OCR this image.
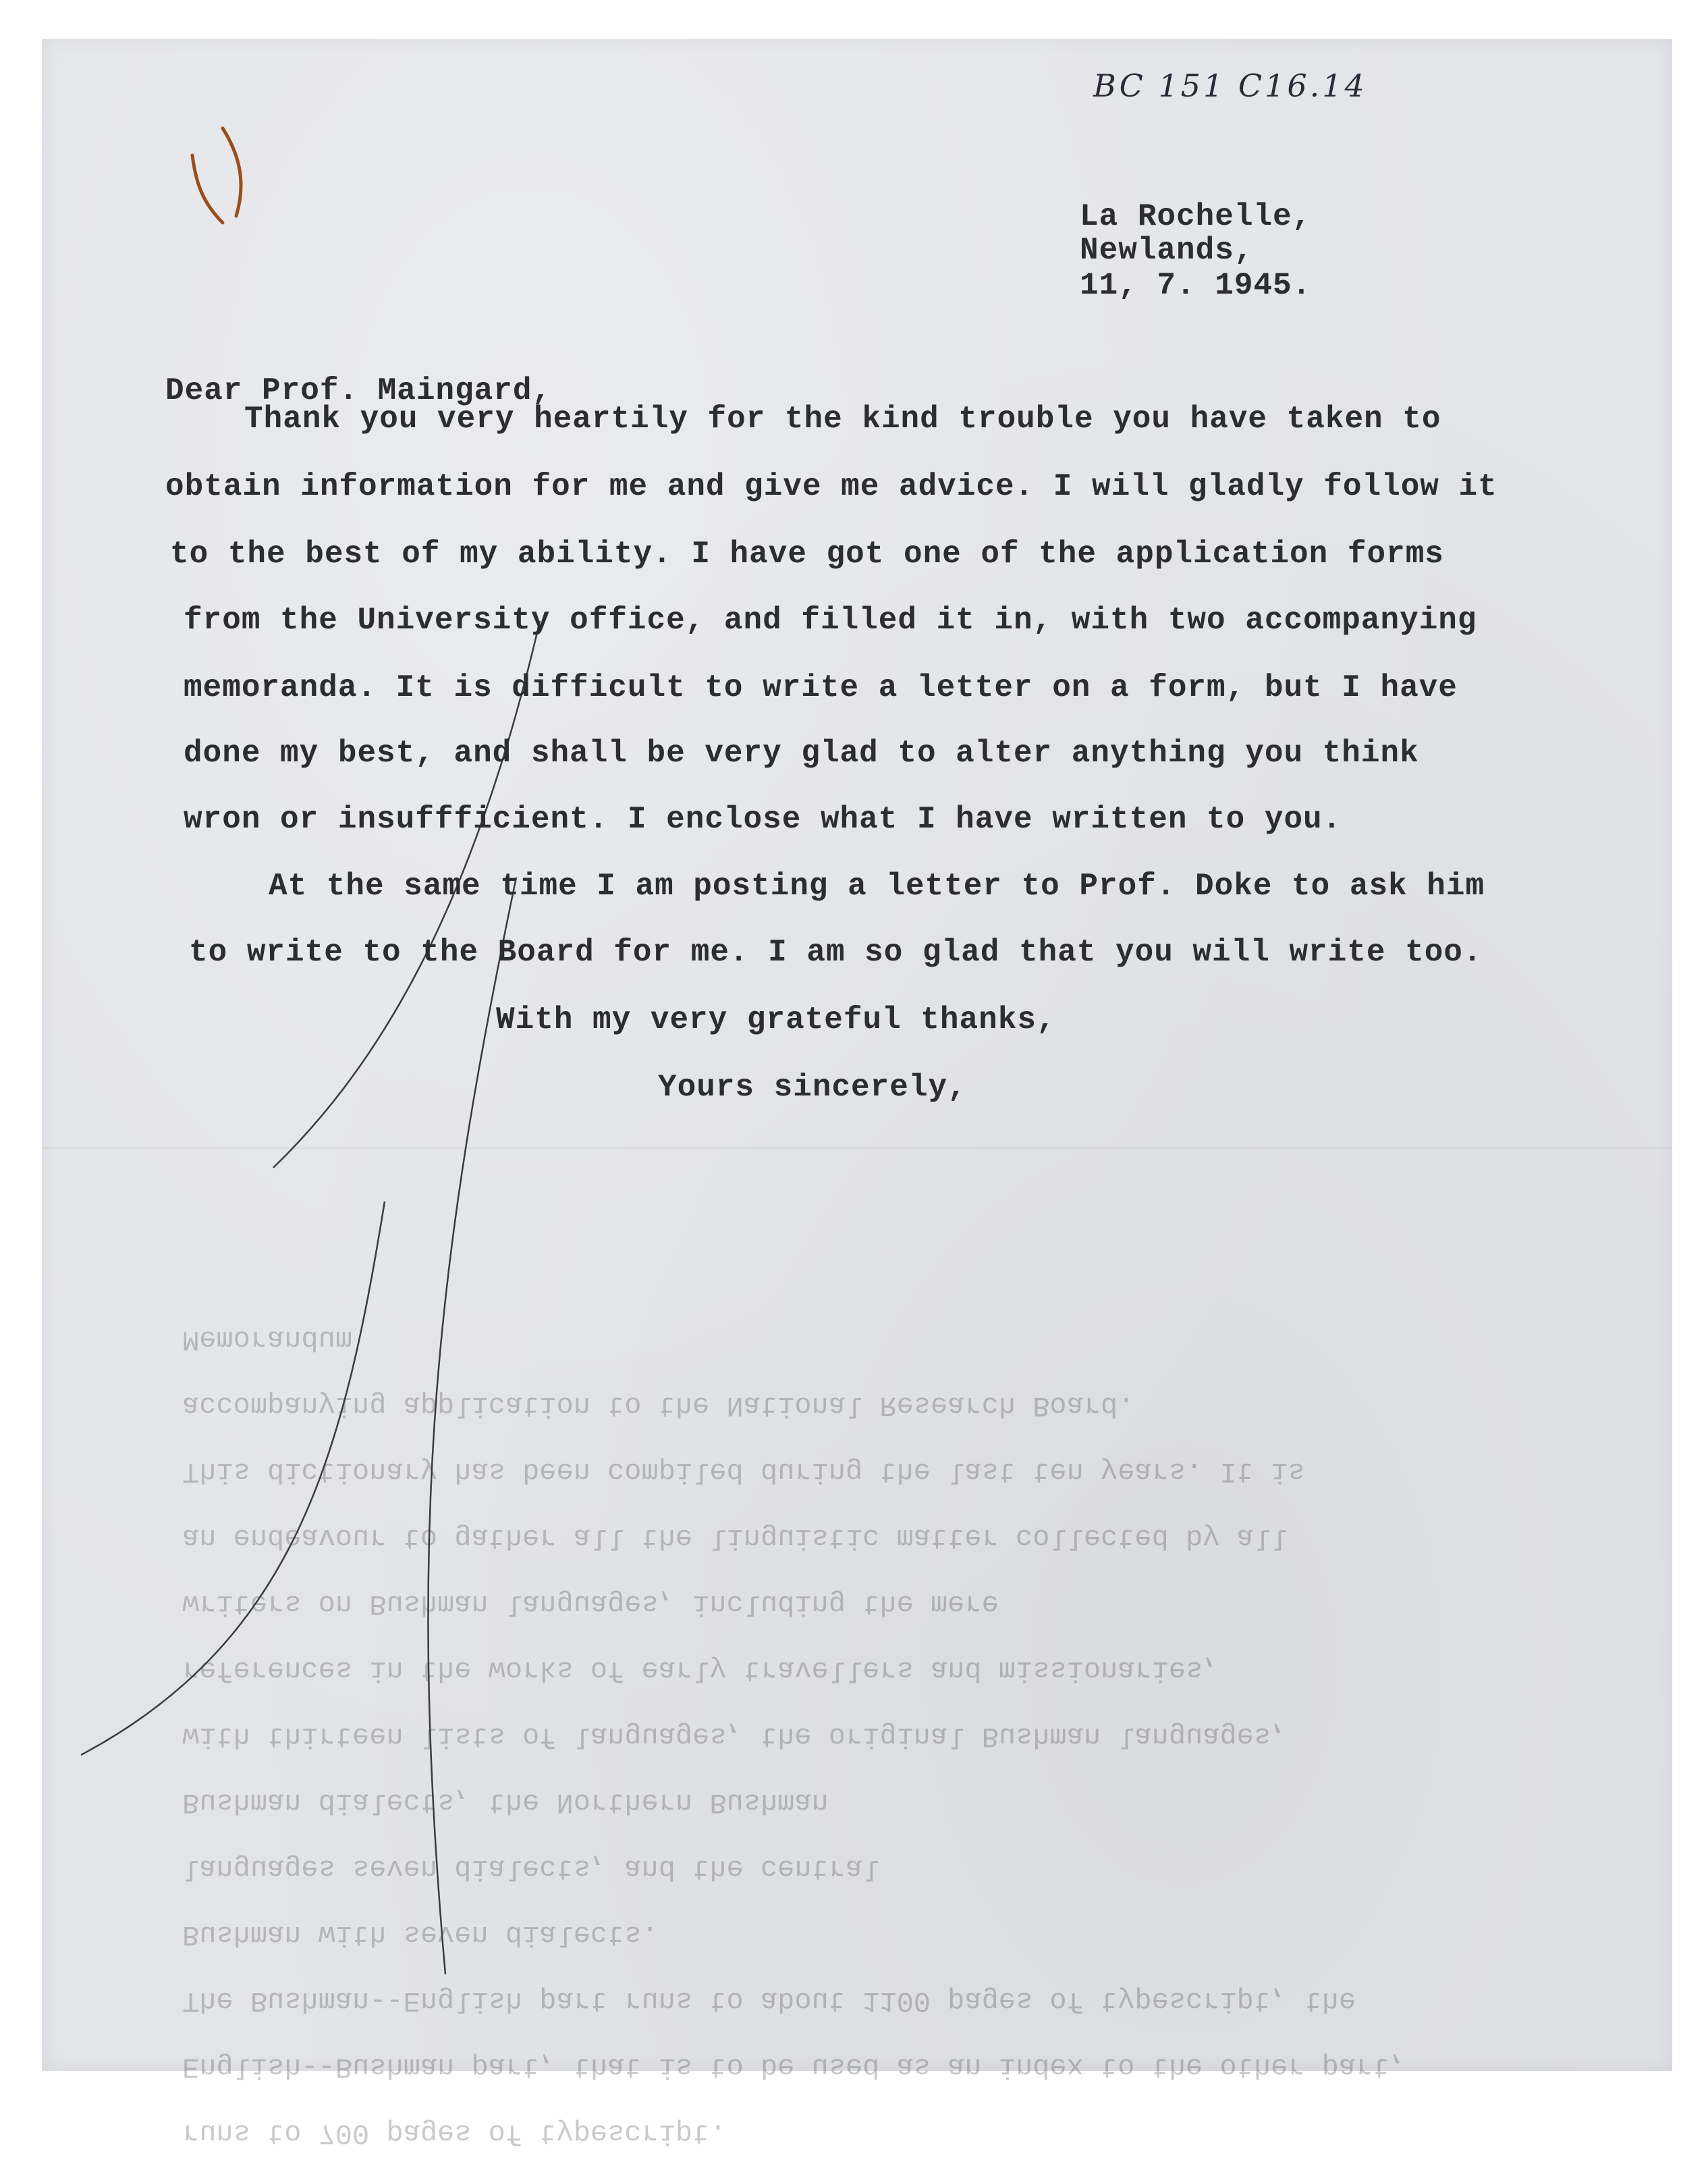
runs to 700 pages of typescript.
English--Bushman part, that is to be used as an index to the other part,
The Bushman--English part runs to about 1100 pages of typescript, the
Bushman with seven dialects.
languages seven dialects, and the central
Bushman dialects, the Northern Bushman
with thirteen lists of languages, the original Bushman languages,
references in the works of early travellers and missionaries,
writers on Bushman languages, including the mere
an endeavour to gather all the linguistic matter collected by all
This dictionary has been compiled during the last ten years. It is
accompanying application to the National Research Board.
Memorandum
BC 151 C16.14
La Rochelle,
Newlands,
11, 7. 1945.
Dear Prof. Maingard,
Thank you very heartily for the kind trouble you have taken to
obtain information for me and give me advice. I will gladly follow it
to the best of my ability. I have got one of the application forms
from the University office, and filled it in, with two accompanying
memoranda. It is difficult to write a letter on a form, but I have
done my best, and shall be very glad to alter anything you think
wron or insuffficient. I enclose what I have written to you.
At the same time I am posting a letter to Prof. Doke to ask him
to write to the Board for me. I am so glad that you will write too.
With my very grateful thanks,
Yours sincerely,
